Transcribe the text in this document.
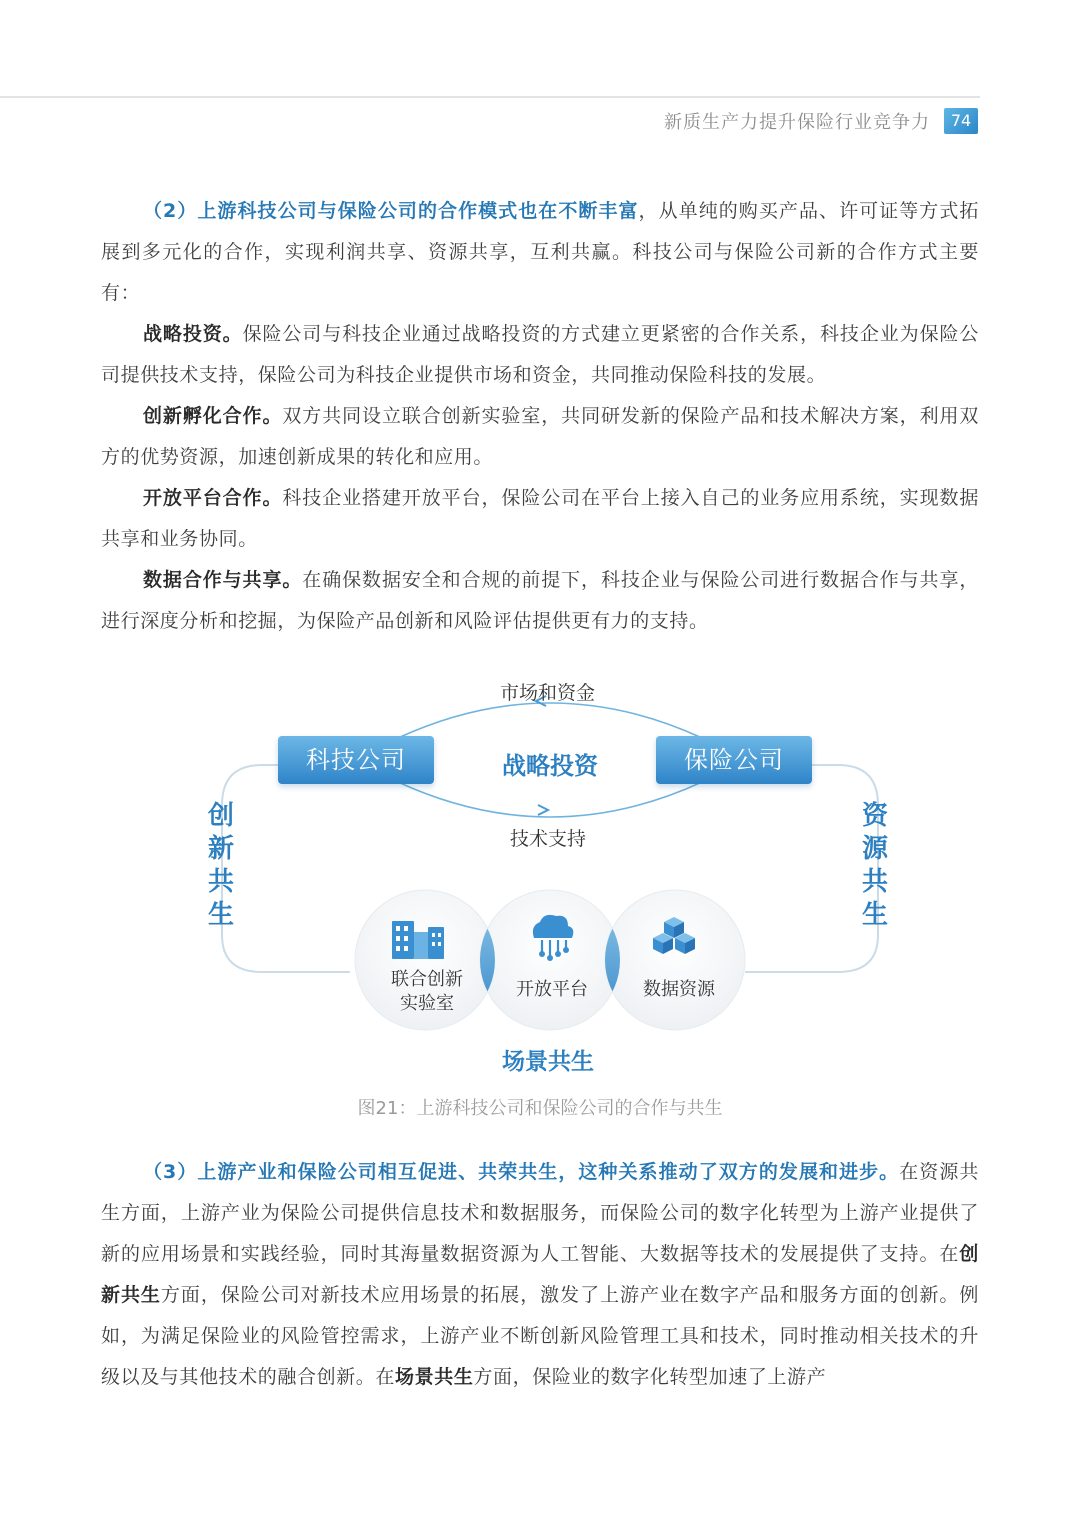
新质生产力提升保险行业竞争力	74

（2）上游科技公司与保险公司的合作模式也在不断丰富，从单纯的购买产品、许可证等方式拓展到多元化的合作，实现利润共享、资源共享，互利共赢。科技公司与保险公司新的合作方式主要有：

战略投资。保险公司与科技企业通过战略投资的方式建立更紧密的合作关系，科技企业为保险公司提供技术支持，保险公司为科技企业提供市场和资金，共同推动保险科技的发展。

创新孵化合作。双方共同设立联合创新实验室，共同研发新的保险产品和技术解决方案，利用双方的优势资源，加速创新成果的转化和应用。

开放平台合作。科技企业搭建开放平台，保险公司在平台上接入自己的业务应用系统，实现数据共享和业务协同。

数据合作与共享。在确保数据安全和合规的前提下，科技企业与保险公司进行数据合作与共享，进行深度分析和挖掘，为保险产品创新和风险评估提供更有力的支持。

市场和资金
技术支持
战略投资
科技公司	保险公司
创新共生
资源共生
联合创新
实验室
开放平台	数据资源
场景共生
图21：上游科技公司和保险公司的合作与共生

（3）上游产业和保险公司相互促进、共荣共生，这种关系推动了双方的发展和进步。在资源共生方面，上游产业为保险公司提供信息技术和数据服务，而保险公司的数字化转型为上游产业提供了新的应用场景和实践经验，同时其海量数据资源为人工智能、大数据等技术的发展提供了支持。在创新共生方面，保险公司对新技术应用场景的拓展，激发了上游产业在数字产品和服务方面的创新。例如，为满足保险业的风险管控需求，上游产业不断创新风险管理工具和技术，同时推动相关技术的升级以及与其他技术的融合创新。在场景共生方面，保险业的数字化转型加速了上游产
